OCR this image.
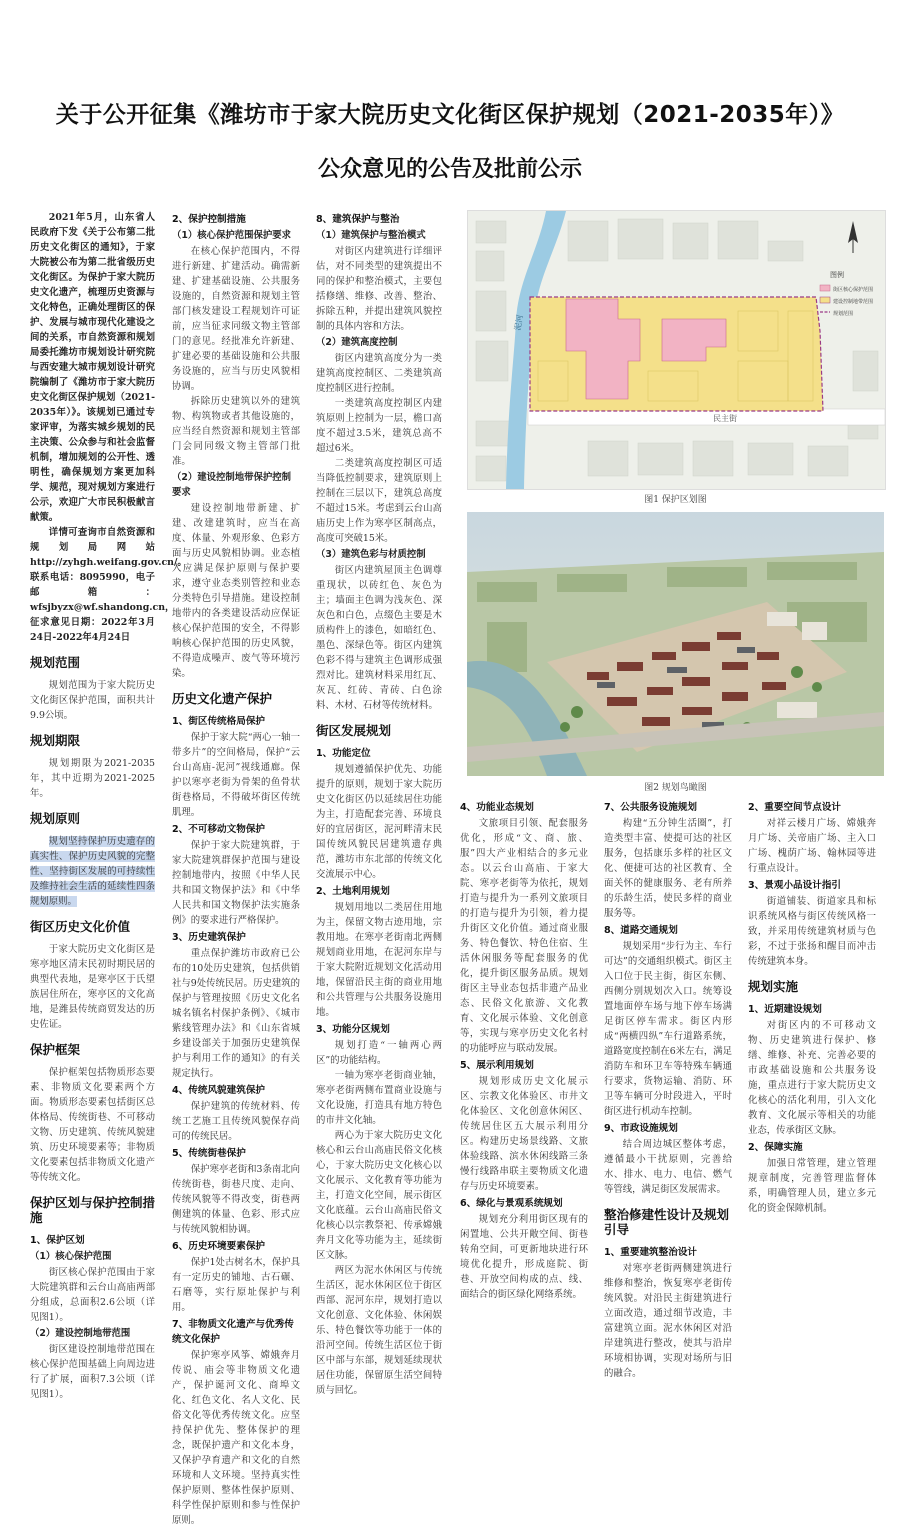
关于公开征集《潍坊市于家大院历史文化街区保护规划（2021-2035年）》
公众意见的公告及批前公示

2021年5月，山东省人民政府下发《关于公布第二批历史文化街区的通知》，于家大院被公布为第二批省级历史文化街区。为保护于家大院历史文化遗产，梳理历史资源与文化特色，正确处理街区的保护、发展与城市现代化建设之间的关系，市自然资源和规划局委托潍坊市规划设计研究院与西安建大城市规划设计研究院编制了《潍坊市于家大院历史文化街区保护规划（2021-2035年）》。该规划已通过专家评审，为落实城乡规划的民主决策、公众参与和社会监督机制，增加规划的公开性、透明性，确保规划方案更加科学、规范，现对规划方案进行公示，欢迎广大市民积极献言献策。

详情可查询市自然资源和规划局网站http://zyhgh.weifang.gov.cn/。联系电话：8095990，电子邮箱：wfsjbyzx@wf.shandong.cn，征求意见日期：2022年3月24日-2022年4月24日

规划范围

规划范围为于家大院历史文化街区保护范围，面积共计9.9公顷。

规划期限

规划期限为2021-2035年，其中近期为2021-2025年。

规划原则

规划坚持保护历史遗存的真实性、保护历史风貌的完整性、坚持街区发展的可持续性及维持社会生活的延续性四条规划原则。

街区历史文化价值

于家大院历史文化街区是寒亭地区清末民初时期民居的典型代表地，是寒亭区于氏望族居住所在，寒亭区的文化高地，是潍县传统商贸发达的历史佐证。

保护框架

保护框架包括物质形态要素、非物质文化要素两个方面。物质形态要素包括街区总体格局、传统街巷、不可移动文物、历史建筑、传统风貌建筑、历史环境要素等；非物质文化要素包括非物质文化遗产等传统文化。

保护区划与保护控制措施
1、保护区划
（1）核心保护范围

街区核心保护范围由于家大院建筑群和云台山高庙两部分组成，总面积2.6公顷（详见图1）。

（2）建设控制地带范围

街区建设控制地带范围在核心保护范围基础上向周边进行了扩展，面积7.3公顷（详见图1）。

2、保护控制措施
（1）核心保护范围保护要求

在核心保护范围内，不得进行新建、扩建活动。确需新建、扩建基础设施、公共服务设施的，自然资源和规划主管部门核发建设工程规划许可证前，应当征求同级文物主管部门的意见。经批准允许新建、扩建必要的基础设施和公共服务设施的，应当与历史风貌相协调。

拆除历史建筑以外的建筑物、构筑物或者其他设施的，应当经自然资源和规划主管部门会同同级文物主管部门批准。

（2）建设控制地带保护控制要求

建设控制地带新建、扩建、改建建筑时，应当在高度、体量、外观形象、色彩方面与历史风貌相协调。业态植入应满足保护原则与保护要求，遵守业态类别管控和业态分类特色引导措施。建设控制地带内的各类建设活动应保证核心保护范围的安全，不得影响核心保护范围的历史风貌，不得造成噪声、废气等环境污染。

历史文化遗产保护
1、街区传统格局保护

保护于家大院“两心一轴一带多片”的空间格局，保护“云台山高庙-泥河”视线通廊。保护以寒亭老街为骨架的鱼骨状街巷格局，不得破坏街区传统肌理。

2、不可移动文物保护

保护于家大院建筑群，于家大院建筑群保护范围与建设控制地带内，按照《中华人民共和国文物保护法》和《中华人民共和国文物保护法实施条例》的要求进行严格保护。

3、历史建筑保护

重点保护潍坊市政府已公布的10处历史建筑，包括供销社与9处传统民居。历史建筑的保护与管理按照《历史文化名城名镇名村保护条例》、《城市紫线管理办法》和《山东省城乡建设部关于加强历史建筑保护与利用工作的通知》的有关规定执行。

4、传统风貌建筑保护

保护建筑的传统材料、传统工艺施工且传统风貌保存尚可的传统民居。

5、传统街巷保护

保护寒亭老街和3条南北向传统街巷，街巷尺度、走向、传统风貌等不得改变，街巷两侧建筑的体量、色彩、形式应与传统风貌相协调。

6、历史环境要素保护

保护1处古树名木，保护具有一定历史的铺地、古石碾、石磨等，实行原址保护与利用。

7、非物质文化遗产与优秀传统文化保护

保护寒亭风筝、嫦娥奔月传说、庙会等非物质文化遗产，保护诞河文化、商埠文化、红色文化、名人文化、民俗文化等优秀传统文化。应坚持保护优先、整体保护的理念，既保护遗产和文化本身，又保护孕育遗产和文化的自然环境和人文环境。坚持真实性保护原则、整体性保护原则、科学性保护原则和参与性保护原则。

8、建筑保护与整治
（1）建筑保护与整治模式

对街区内建筑进行详细评估，对不同类型的建筑提出不同的保护和整治模式，主要包括修缮、维修、改善、整治、拆除五种，并提出建筑风貌控制的具体内容和方法。

（2）建筑高度控制

街区内建筑高度分为一类建筑高度控制区、二类建筑高度控制区进行控制。

一类建筑高度控制区内建筑原则上控制为一层，檐口高度不超过3.5米，建筑总高不超过6米。

二类建筑高度控制区可适当降低控制要求，建筑原则上控制在三层以下，建筑总高度不超过15米。考虑到云台山高庙历史上作为寒亭区制高点，高度可突破15米。

（3）建筑色彩与材质控制

街区内建筑屋顶主色调尊重现状，以砖红色、灰色为主；墙面主色调为浅灰色、深灰色和白色，点缀色主要是木质构件上的漆色，如暗红色、墨色、深绿色等。街区内建筑色彩不得与建筑主色调形成强烈对比。建筑材料采用红瓦、灰瓦、红砖、青砖、白色涂料、木材、石材等传统材料。

街区发展规划
1、功能定位

规划遵循保护优先、功能提升的原则，规划于家大院历史文化街区仍以延续居住功能为主，打造配套完善、环境良好的宜居街区，泥河畔清末民国传统风貌民居建筑遗存典范，潍坊市东北部的传统文化交流展示中心。

2、土地利用规划

规划用地以二类居住用地为主，保留文物古迹用地，宗教用地。在寒亭老街南北两侧规划商业用地，在泥河东岸与于家大院附近规划文化活动用地，保留沿民主街的商业用地和公共管理与公共服务设施用地。

3、功能分区规划

规划打造“一轴两心两区”的功能结构。

一轴为寒亭老街商业轴，寒亭老街两侧布置商业设施与文化设施，打造具有地方特色的市井文化轴。

两心为于家大院历史文化核心和云台山高庙民俗文化核心，于家大院历史文化核心以文化展示、文化教育等功能为主，打造文化空间，展示街区文化底蕴。云台山高庙民俗文化核心以宗教祭祀、传承嫦娥奔月文化等功能为主，延续街区文脉。

两区为泥水休闲区与传统生活区，泥水休闲区位于街区西部、泥河东岸，规划打造以文化创意、文化体验、休闲娱乐、特色餐饮等功能于一体的沿河空间。传统生活区位于街区中部与东部，规划延续现状居住功能，保留原生活空间特质与回忆。

泥河
民主街
图例
街区核心保护范围
建设控制地带范围
规划范围
图1 保护区划图
图2 规划鸟瞰图
4、功能业态规划

文旅项目引领、配套服务优化，形成“文、商、旅、服”四大产业相结合的多元业态。以云台山高庙、于家大院、寒亭老街等为依托，规划打造与提升为一系列文旅项目的打造与提升为引领，着力提升街区文化价值。通过商业服务、特色餐饮、特色住宿、生活休闲服务等配套服务的优化，提升街区服务品质。规划街区主导业态包括非遗产品业态、民俗文化旅游、文化教育、文化展示体验、文化创意等，实现与寒亭历史文化名村的功能呼应与联动发展。

5、展示利用规划

规划形成历史文化展示区、宗教文化体验区、市井文化体验区、文化创意休闲区、传统居住区五大展示利用分区。构建历史场景线路、文旅体验线路、滨水休闲线路三条慢行线路串联主要物质文化遗存与历史环境要素。

6、绿化与景观系统规划

规划充分利用街区现有的闲置地、公共开敞空间、街巷转角空间，可更新地块进行环境优化提升，形成庭院、街巷、开放空间构成的点、线、面结合的街区绿化网络系统。

7、公共服务设施规划

构建“五分钟生活圈”，打造类型丰富、使提可达的社区服务，包括康乐多样的社区文化、便捷可达的社区教育、全面关怀的健康服务、老有所养的乐龄生活，使民多样的商业服务等。

8、道路交通规划

规划采用“步行为主、车行可达”的交通组织模式。街区主入口位于民主街，街区东侧、西侧分别规划次入口。统筹设置地面停车场与地下停车场满足街区停车需求。街区内形成“两横四纵”车行道路系统，道路宽度控制在6米左右，满足消防车和环卫车等特殊车辆通行要求，货物运输、消防、环卫等车辆可分时段进入，平时街区进行机动车控制。

9、市政设施规划

结合周边城区整体考虑，遵循最小干扰原则，完善给水、排水、电力、电信、燃气等管线，满足街区发展需求。

整治修建性设计及规划引导
1、重要建筑整治设计

对寒亭老街两侧建筑进行维修和整治，恢复寒亭老街传统风貌。对沿民主街建筑进行立面改造，通过细节改造，丰富建筑立面。泥水休闲区对沿岸建筑进行整改，使其与沿岸环境相协调，实现对场所与旧的融合。

2、重要空间节点设计

对祥云楼月广场、嫦娥奔月广场、关帝庙广场、主入口广场、槐荫广场、翰林园等进行重点设计。

3、景观小品设计指引

街道铺装、街道家具和标识系统风格与街区传统风格一致，并采用传统建筑材质与色彩，不过于张扬和醒目而冲击传统建筑本身。

规划实施
1、近期建设规划

对街区内的不可移动文物、历史建筑进行保护、修缮、维修、补充、完善必要的市政基础设施和公共服务设施，重点进行于家大院历史文化核心的活化利用，引入文化教育、文化展示等相关的功能业态，传承街区文脉。

2、保障实施

加强日常管理，建立管理规章制度，完善管理监督体系，明确管理人员，建立多元化的资金保障机制。
